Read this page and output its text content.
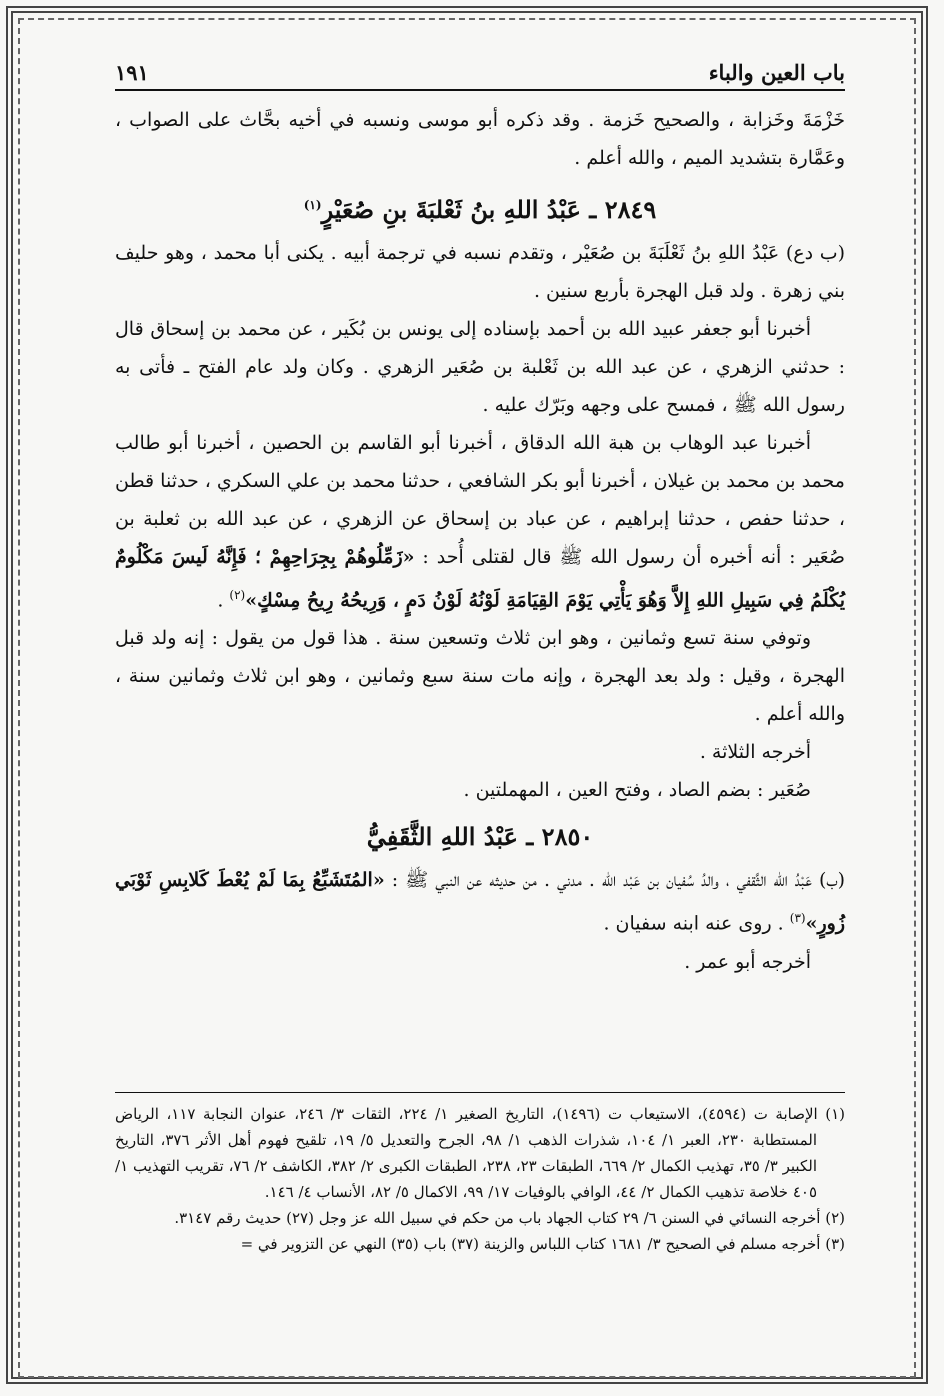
باب العين والباء
١٩١

خَزْمَةَ وخَزابة ، والصحيح خَزمة . وقد ذكره أبو موسى ونسبه في أخيه بحَّاث على الصواب ، وعَمَّارة بتشديد الميم ، والله أعلم .

٢٨٤٩ ـ عَبْدُ اللهِ بنُ ثَعْلبَةَ بنِ صُعَيْرٍ$^{(١)}$

(ب دع) عَبْدُ اللهِ بنُ ثَعْلَبَةَ بن صُعَيْر ، وتقدم نسبه في ترجمة أبيه . يكنى أبا محمد ، وهو حليف بني زهرة . ولد قبل الهجرة بأربع سنين .

أخبرنا أبو جعفر عبيد الله بن أحمد بإسناده إلى يونس بن بُكَير ، عن محمد بن إسحاق قال : حدثني الزهري ، عن عبد الله بن ثَعْلبة بن صُعَير الزهري . وكان ولد عام الفتح ـ فأتى به رسول الله ﷺ ، فمسح على وجهه وبَرّك عليه .

أخبرنا عبد الوهاب بن هبة الله الدقاق ، أخبرنا أبو القاسم بن الحصين ، أخبرنا أبو طالب محمد بن محمد بن غيلان ، أخبرنا أبو بكر الشافعي ، حدثنا محمد بن علي السكري ، حدثنا قطن ، حدثنا حفص ، حدثنا إبراهيم ، عن عباد بن إسحاق عن الزهري ، عن عبد الله بن ثعلبة بن صُعَير : أنه أخبره أن رسول الله ﷺ قال لقتلى أُحد : «زَمِّلُوهُمْ بِجِرَاحِهِمْ ؛ فَإِنَّهُ لَيسَ مَكْلُومٌ يُكْلَمُ فِي سَبِيلِ اللهِ إِلاَّ وَهُوَ يَأْتِي يَوْمَ القِيَامَةِ لَوْنُهُ لَوْنُ دَمٍ ، وَرِيحُهُ رِيحُ مِسْكٍ»$^{(٢)}$ .

وتوفي سنة تسع وثمانين ، وهو ابن ثلاث وتسعين سنة . هذا قول من يقول : إنه ولد قبل الهجرة ، وقيل : ولد بعد الهجرة ، وإنه مات سنة سبع وثمانين ، وهو ابن ثلاث وثمانين سنة ، والله أعلم .

أخرجه الثلاثة .

صُعَير : بضم الصاد ، وفتح العين ، المهملتين .

٢٨٥٠ ـ عَبْدُ اللهِ الثَّقَفِيُّ

(ب) عَبْدُ الله الثَّقفي ، والدُ سُفيان بن عَبْد الله . مدني . من حديثه عن النبي ﷺ : «المُتَشَبِّعُ بِمَا لَمْ يُعْطَ كَلابِسِ ثَوْبَي زُورٍ»$^{(٣)}$ . روى عنه ابنه سفيان .

أخرجه أبو عمر .

(١) الإصابة ت (٤٥٩٤)، الاستيعاب ت (١٤٩٦)، التاريخ الصغير ١/ ٢٢٤، الثقات ٣/ ٢٤٦، عنوان النجابة ١١٧، الرياض المستطابة ٢٣٠، العبر ١/ ١٠٤، شذرات الذهب ١/ ٩٨، الجرح والتعديل ٥/ ١٩، تلقيح فهوم أهل الأثر ٣٧٦، التاريخ الكبير ٣/ ٣٥، تهذيب الكمال ٢/ ٦٦٩، الطبقات ٢٣، ٢٣٨، الطبقات الكبرى ٢/ ٣٨٢، الكاشف ٢/ ٧٦، تقريب التهذيب ١/ ٤٠٥ خلاصة تذهيب الكمال ٢/ ٤٤، الوافي بالوفيات ١٧/ ٩٩، الاكمال ٥/ ٨٢، الأنساب ٤/ ١٤٦.

(٢) أخرجه النسائي في السنن ٦/ ٢٩ كتاب الجهاد باب من حكم في سبيل الله عز وجل (٢٧) حديث رقم ٣١٤٧.

(٣) أخرجه مسلم في الصحيح ٣/ ١٦٨١ كتاب اللباس والزينة (٣٧) باب (٣٥) النهي عن التزوير في =
